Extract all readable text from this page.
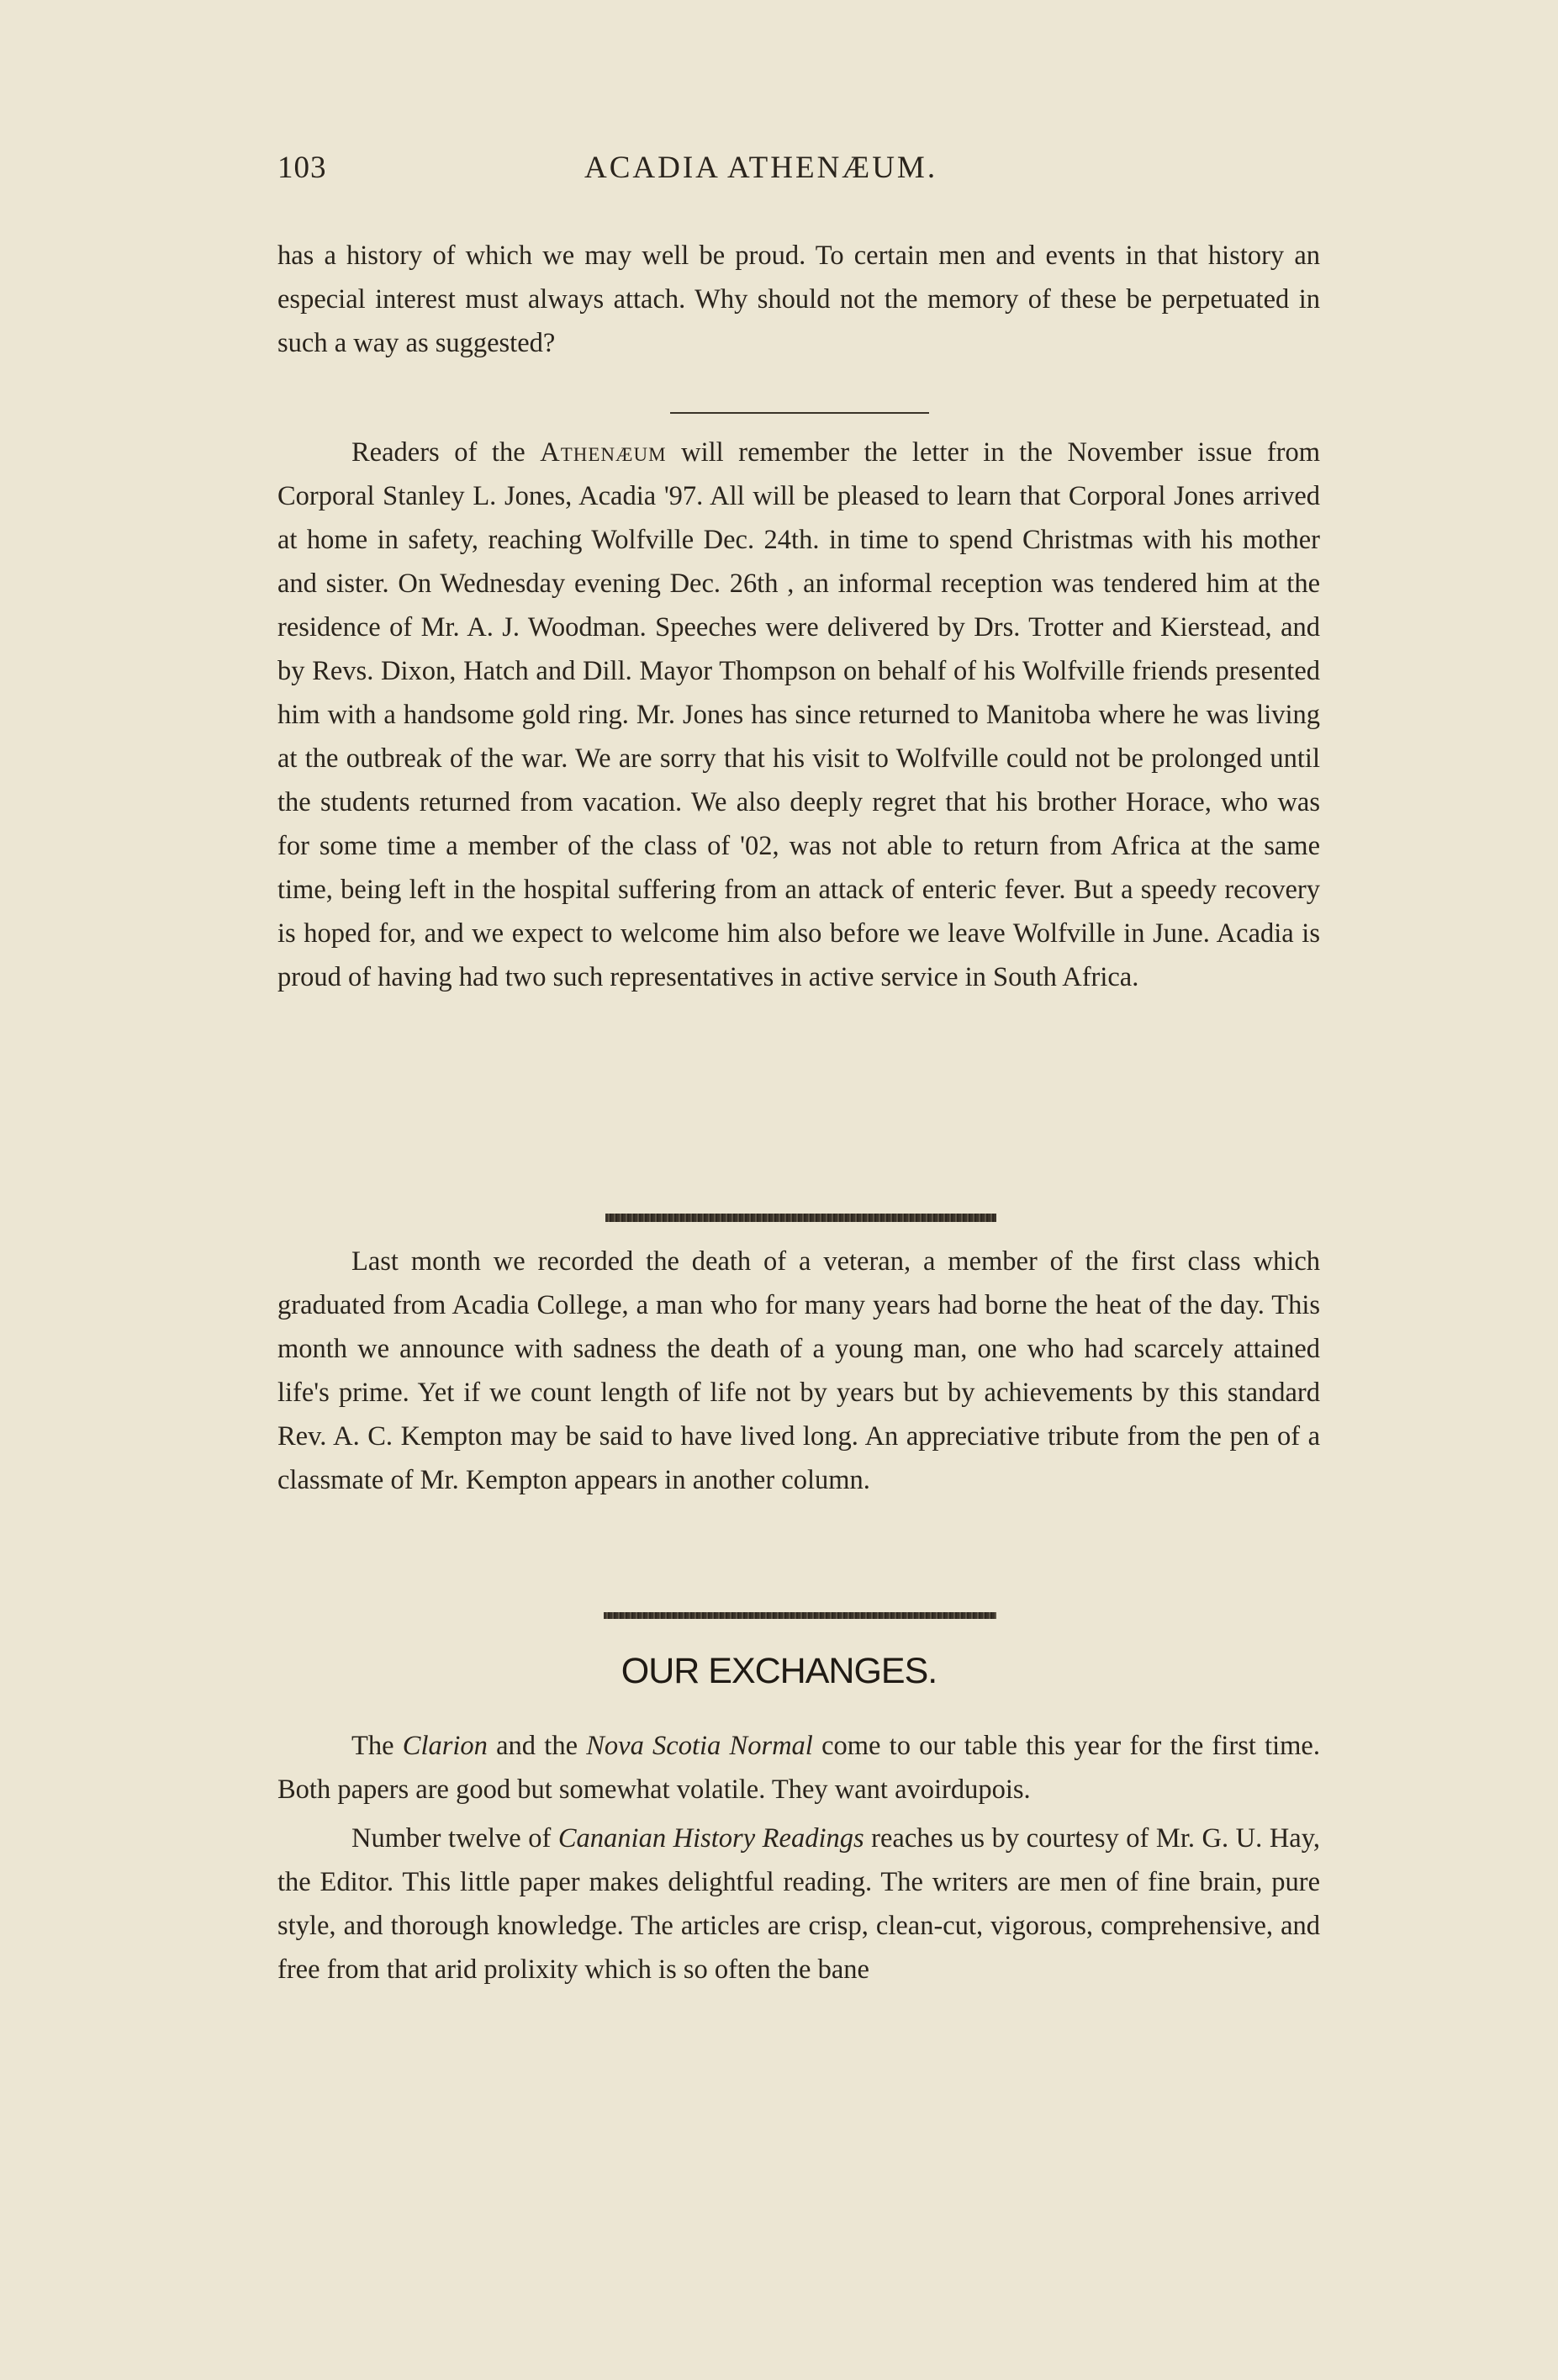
103	ACADIA ATHENÆUM.

has a history of which we may well be proud. To certain men and events in that history an especial interest must always attach. Why should not the memory of these be perpetuated in such a way as suggested?

Readers of the Athenæum will remember the letter in the November issue from Corporal Stanley L. Jones, Acadia '97. All will be pleased to learn that Corporal Jones arrived at home in safety, reaching Wolfville Dec. 24th. in time to spend Christmas with his mother and sister. On Wednesday evening Dec. 26th , an informal reception was tendered him at the residence of Mr. A. J. Woodman. Speeches were delivered by Drs. Trotter and Kierstead, and by Revs. Dixon, Hatch and Dill. Mayor Thompson on behalf of his Wolfville friends presented him with a handsome gold ring. Mr. Jones has since returned to Manitoba where he was living at the outbreak of the war. We are sorry that his visit to Wolfville could not be prolonged until the students returned from vacation. We also deeply regret that his brother Horace, who was for some time a member of the class of '02, was not able to return from Africa at the same time, being left in the hospital suffering from an attack of enteric fever. But a speedy recovery is hoped for, and we expect to welcome him also before we leave Wolfville in June. Acadia is proud of having had two such representatives in active service in South Africa.

Last month we recorded the death of a veteran, a member of the first class which graduated from Acadia College, a man who for many years had borne the heat of the day. This month we announce with sadness the death of a young man, one who had scarcely attained life's prime. Yet if we count length of life not by years but by achievements by this standard Rev. A. C. Kempton may be said to have lived long. An appreciative tribute from the pen of a classmate of Mr. Kempton appears in another column.

OUR EXCHANGES.

The Clarion and the Nova Scotia Normal come to our table this year for the first time. Both papers are good but somewhat volatile. They want avoirdupois.

Number twelve of Cananian History Readings reaches us by courtesy of Mr. G. U. Hay, the Editor. This little paper makes delightful reading. The writers are men of fine brain, pure style, and thorough knowledge. The articles are crisp, clean-cut, vigorous, comprehensive, and free from that arid prolixity which is so often the bane
